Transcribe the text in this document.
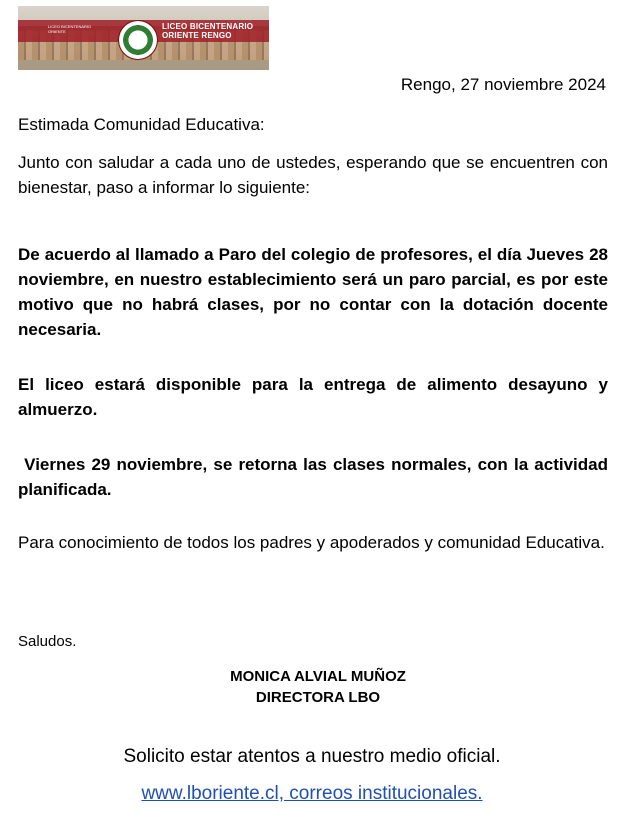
LICEO BICENTENARIO ORIENTE
LICEO BICENTENARIO
ORIENTE RENGO
Rengo, 27 noviembre 2024
Estimada Comunidad Educativa:
Junto con saludar a cada uno de ustedes, esperando que se encuentren con bienestar, paso a informar lo siguiente:
De acuerdo al llamado a Paro del colegio de profesores, el día Jueves 28 noviembre, en nuestro establecimiento será un paro parcial, es por este motivo que no habrá clases, por no contar con la dotación docente necesaria.
El liceo estará disponible para la entrega de alimento desayuno y almuerzo.
Viernes 29 noviembre, se retorna las clases normales, con la actividad planificada.
Para conocimiento de todos los padres y apoderados y comunidad Educativa.
Saludos.
MONICA ALVIAL MUÑOZ
DIRECTORA LBO
Solicito estar atentos a nuestro medio oficial.
www.lboriente.cl, correos institucionales.
